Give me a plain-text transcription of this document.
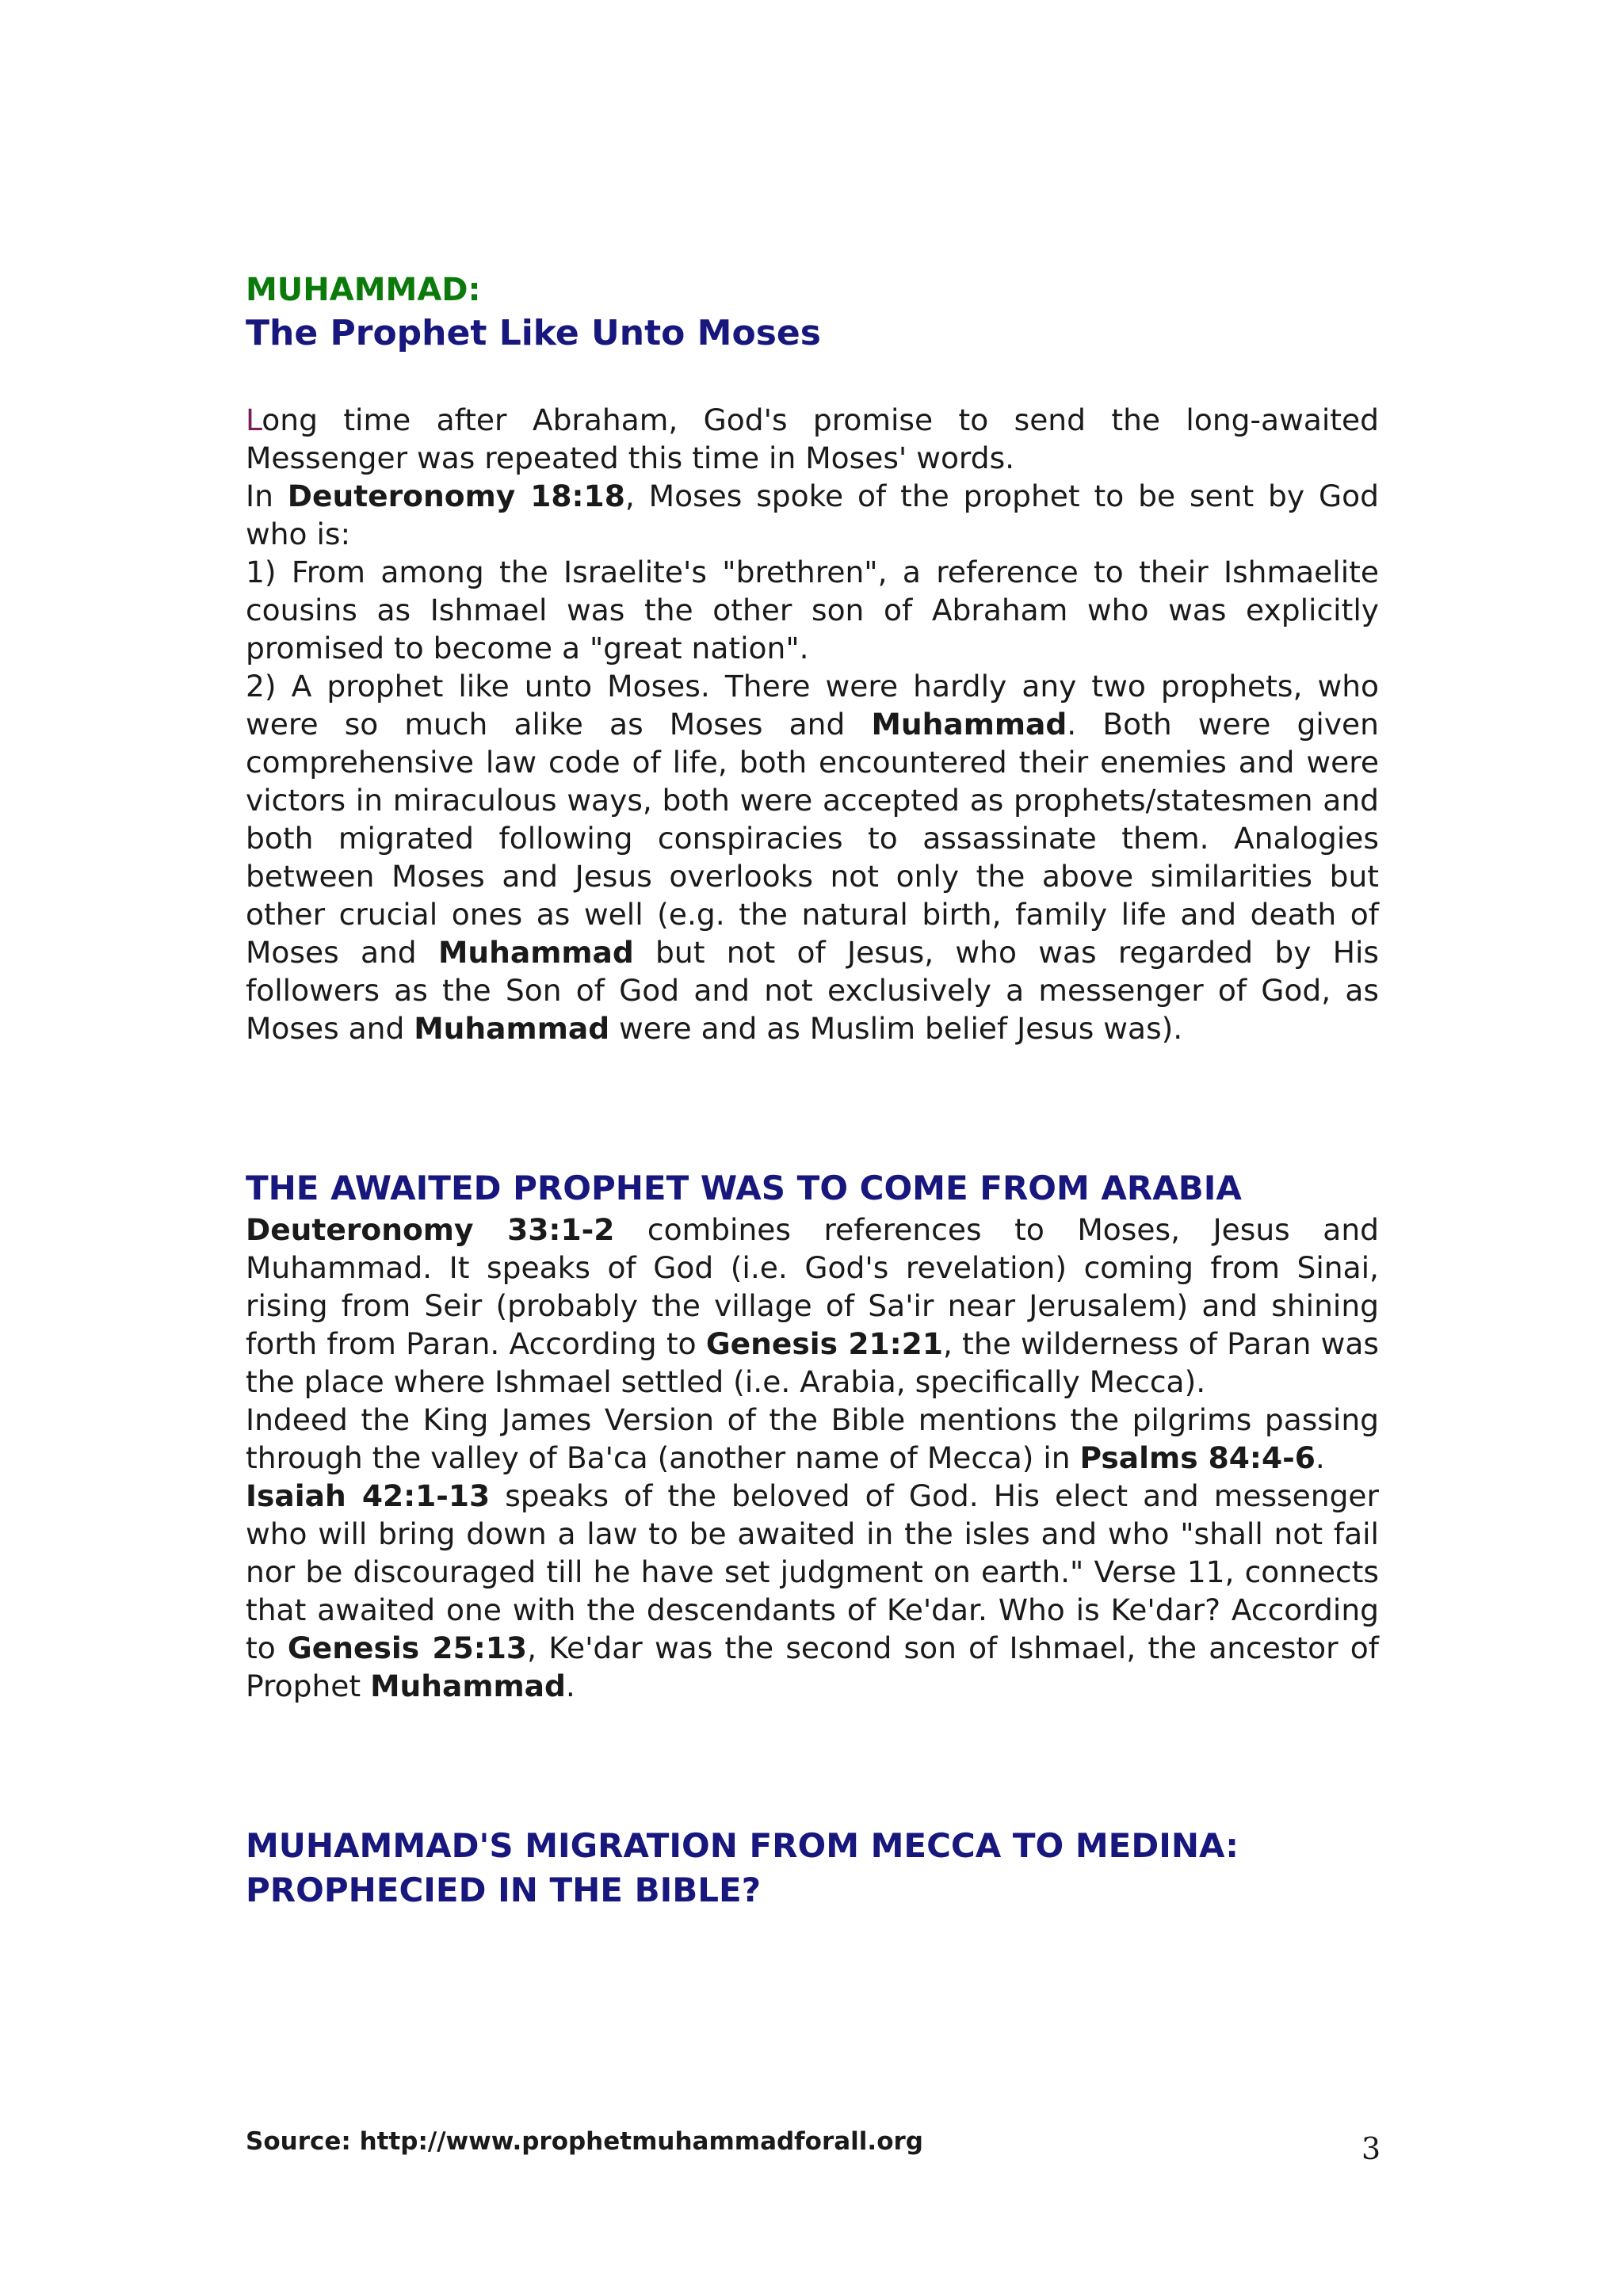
MUHAMMAD:
The Prophet Like Unto Moses

Long time after Abraham, God's promise to send the long-awaited Messenger was repeated this time in Moses' words.
In Deuteronomy 18:18, Moses spoke of the prophet to be sent by God who is:

1) From among the Israelite's "brethren", a reference to their Ishmaelite cousins as Ishmael was the other son of Abraham who was explicitly promised to become a "great nation".

2) A prophet like unto Moses. There were hardly any two prophets, who were so much alike as Moses and Muhammad. Both were given comprehensive law code of life, both encountered their enemies and were victors in miraculous ways, both were accepted as prophets/statesmen and both migrated following conspiracies to assassinate them. Analogies between Moses and Jesus overlooks not only the above similarities but other crucial ones as well (e.g. the natural birth, family life and death of Moses and Muhammad but not of Jesus, who was regarded by His followers as the Son of God and not exclusively a messenger of God, as Moses and Muhammad were and as Muslim belief Jesus was).

THE AWAITED PROPHET WAS TO COME FROM ARABIA

Deuteronomy 33:1-2 combines references to Moses, Jesus and Muhammad. It speaks of God (i.e. God's revelation) coming from Sinai, rising from Seir (probably the village of Sa'ir near Jerusalem) and shining forth from Paran. According to Genesis 21:21, the wilderness of Paran was the place where Ishmael settled (i.e. Arabia, specifically Mecca).

Indeed the King James Version of the Bible mentions the pilgrims passing through the valley of Ba'ca (another name of Mecca) in Psalms 84:4-6.

Isaiah 42:1-13 speaks of the beloved of God. His elect and messenger who will bring down a law to be awaited in the isles and who "shall not fail nor be discouraged till he have set judgment on earth." Verse 11, connects that awaited one with the descendants of Ke'dar. Who is Ke'dar? According to Genesis 25:13, Ke'dar was the second son of Ishmael, the ancestor of Prophet Muhammad.

MUHAMMAD'S MIGRATION FROM MECCA TO MEDINA:
PROPHECIED IN THE BIBLE?
Source: http://www.prophetmuhammadforall.org	3
